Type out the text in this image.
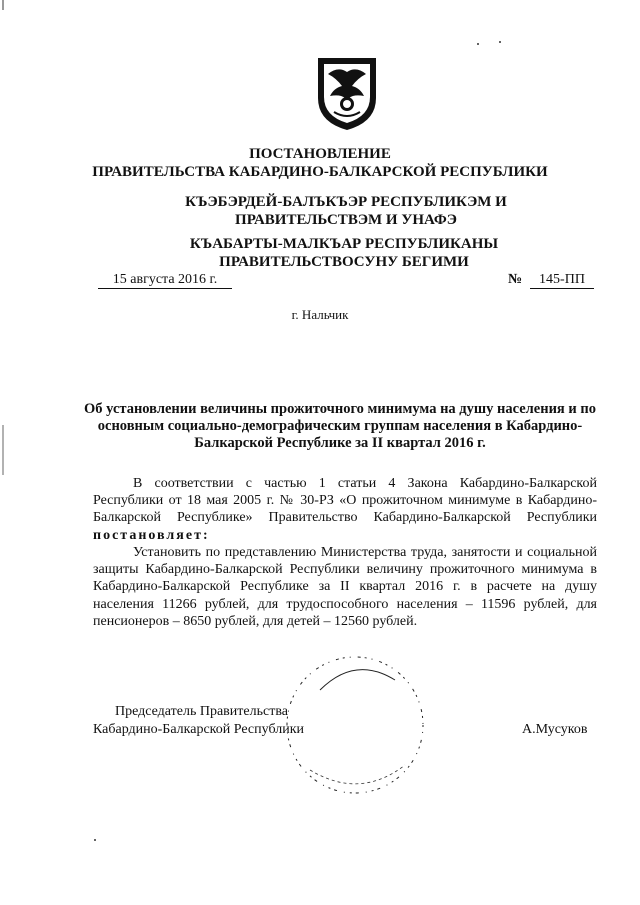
ПОСТАНОВЛЕНИЕ
ПРАВИТЕЛЬСТВА КАБАРДИНО-БАЛКАРСКОЙ РЕСПУБЛИКИ
КЪЭБЭРДЕЙ-БАЛЪКЪЭР РЕСПУБЛИКЭМ И ПРАВИТЕЛЬСТВЭМ И УНАФЭ
КЪАБАРТЫ-МАЛКЪАР РЕСПУБЛИКАНЫ ПРАВИТЕЛЬСТВОСУНУ БЕГИМИ
15 августа 2016 г.	№	145-ПП
г. Нальчик
Об установлении величины прожиточного минимума на душу населения и по основным социально-демографическим группам населения в Кабардино-Балкарской Республике за II квартал 2016 г.
В соответствии с частью 1 статьи 4 Закона Кабардино-Балкарской Республики от 18 мая 2005 г. № 30-РЗ «О прожиточном минимуме в Кабардино-Балкарской Республике» Правительство Кабардино-Балкарской Республики постановляет:
Установить по представлению Министерства труда, занятости и социальной защиты Кабардино-Балкарской Республики величину прожиточного минимума в Кабардино-Балкарской Республике за II квартал 2016 г. в расчете на душу населения 11266 рублей, для трудоспособного населения – 11596 рублей, для пенсионеров – 8650 рублей, для детей – 12560 рублей.
Председатель Правительства
Кабардино-Балкарской Республики	А.Мусуков
